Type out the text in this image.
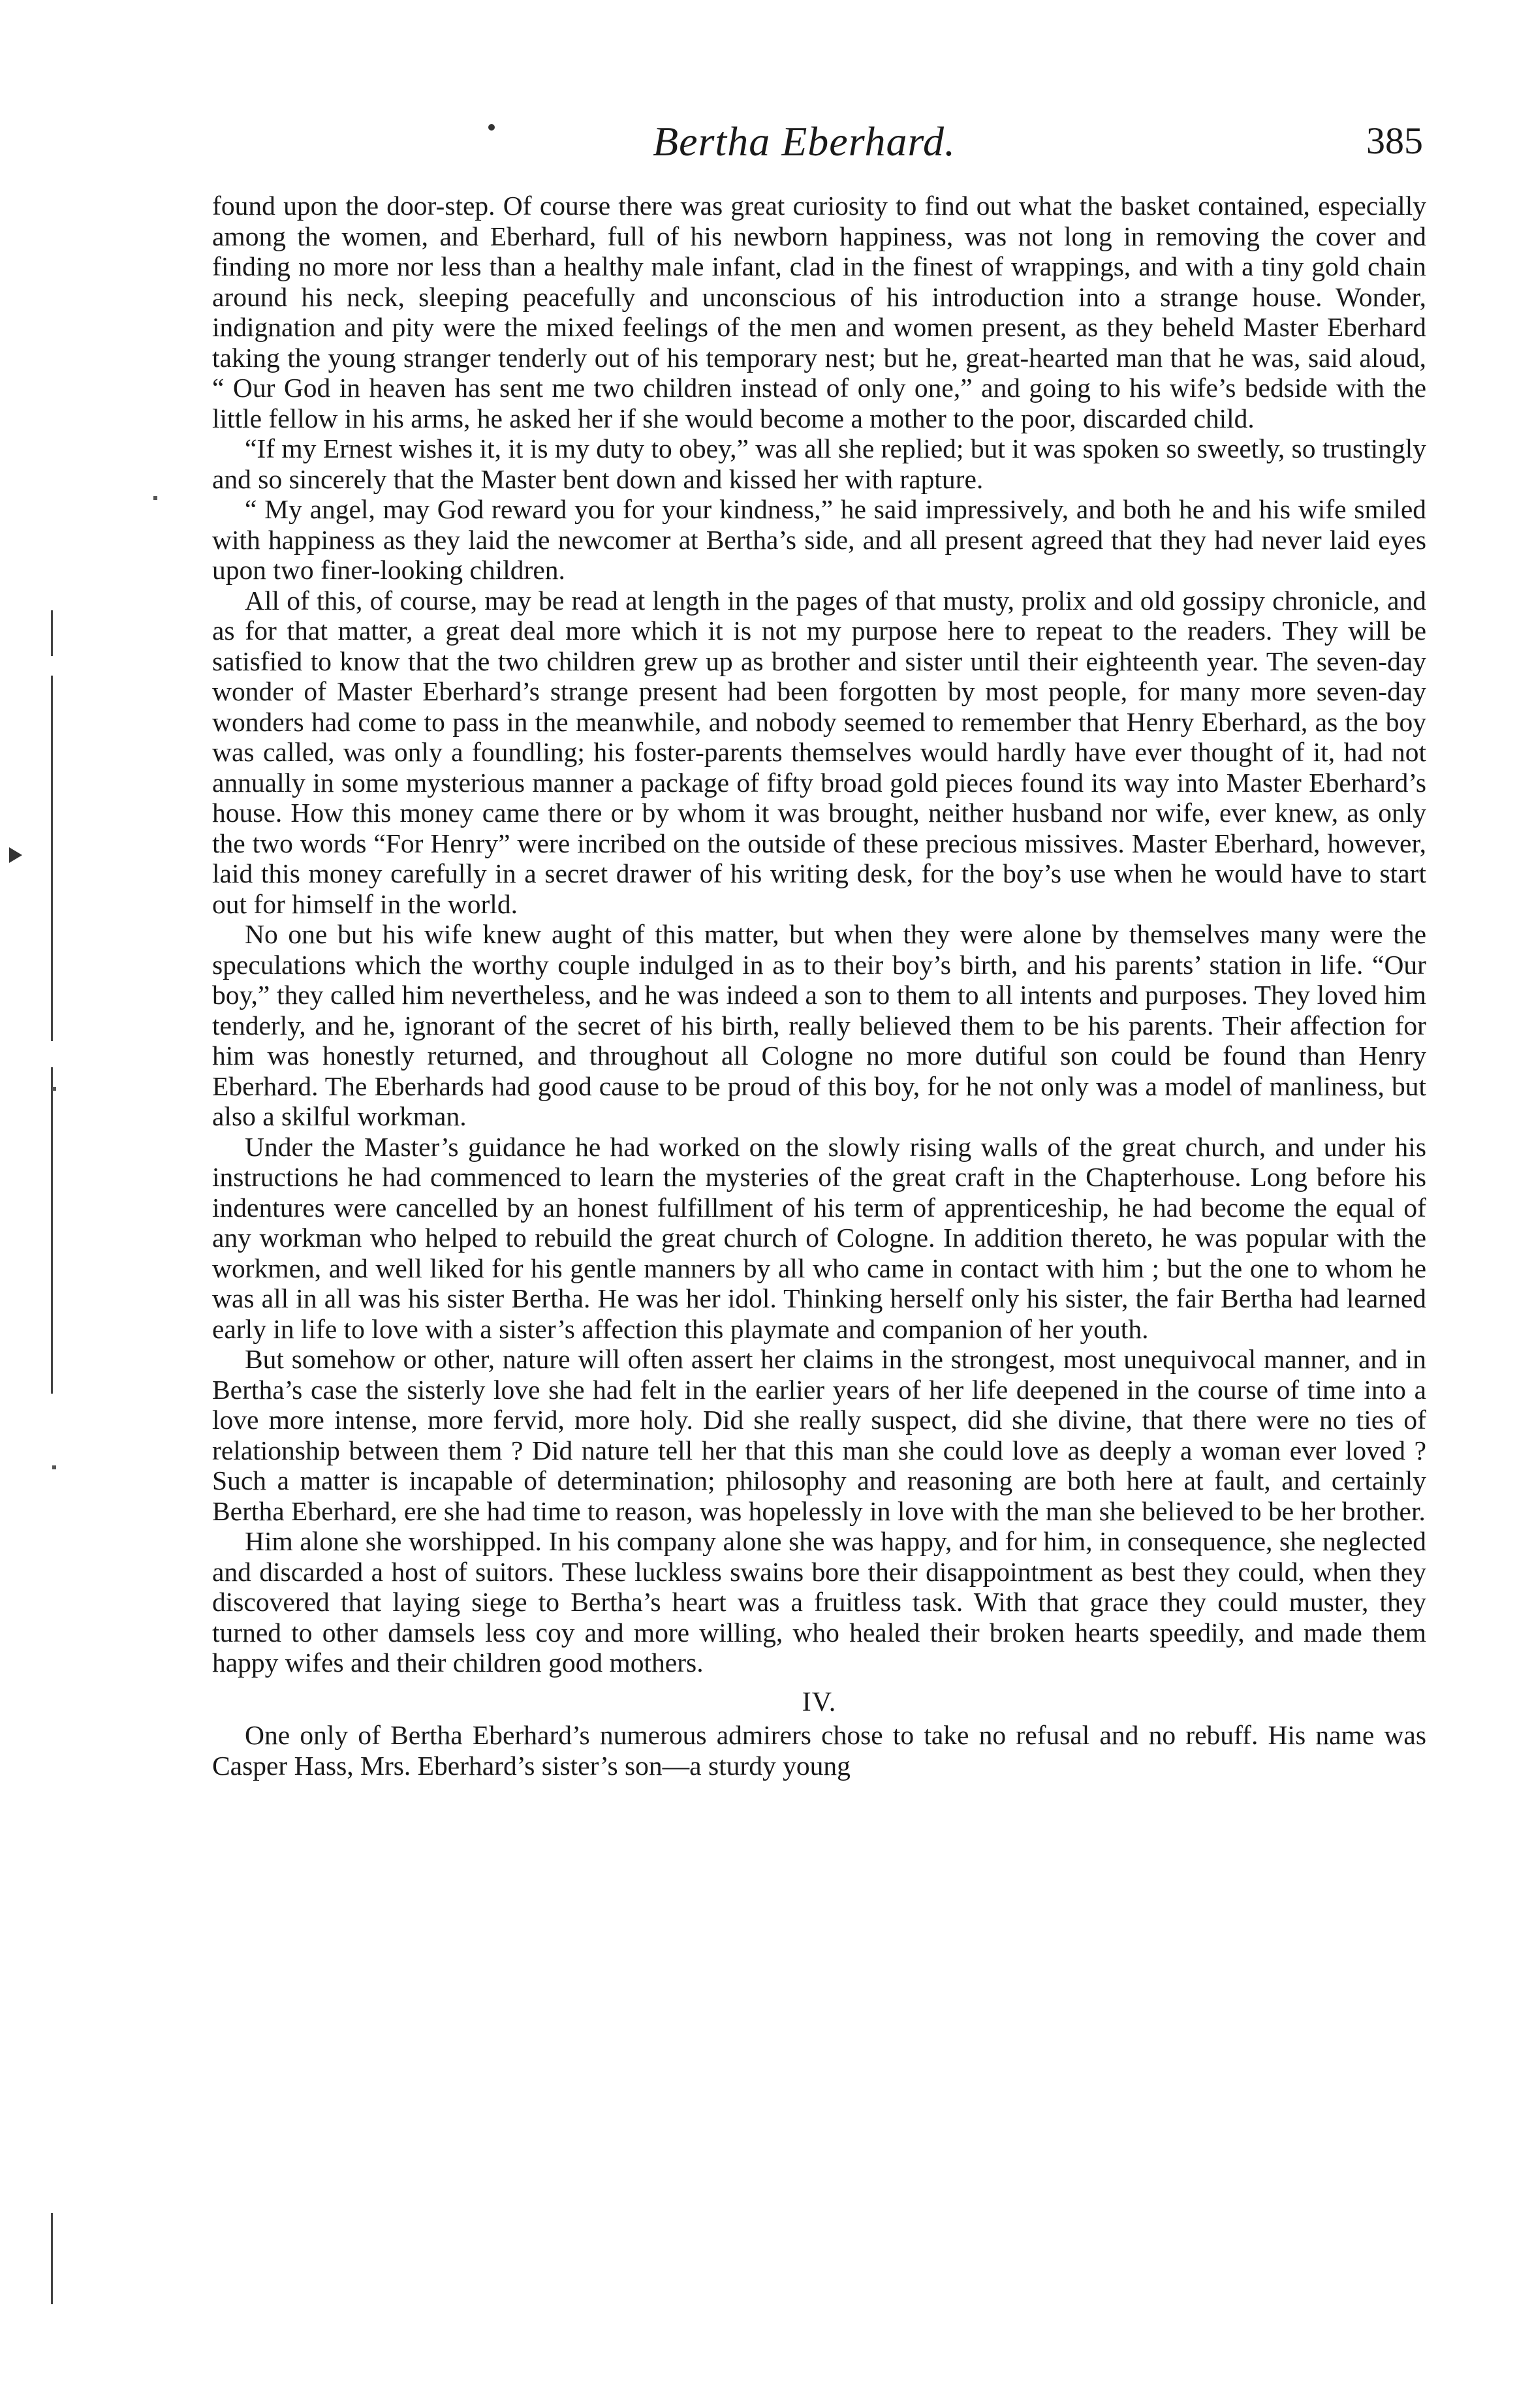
Bertha Eberhard.	385

found upon the door-step. Of course there was great curiosity to find out what the basket contained, especially among the women, and Eberhard, full of his newborn happiness, was not long in removing the cover and finding no more nor less than a healthy male infant, clad in the finest of wrappings, and with a tiny gold chain around his neck, sleeping peacefully and unconscious of his introduction into a strange house. Wonder, indignation and pity were the mixed feelings of the men and women present, as they beheld Master Eberhard taking the young stranger tenderly out of his temporary nest; but he, great-hearted man that he was, said aloud, “ Our God in heaven has sent me two children instead of only one,” and going to his wife’s bedside with the little fellow in his arms, he asked her if she would become a mother to the poor, discarded child.

“If my Ernest wishes it, it is my duty to obey,” was all she replied; but it was spoken so sweetly, so trustingly and so sincerely that the Master bent down and kissed her with rapture.

“ My angel, may God reward you for your kindness,” he said impressively, and both he and his wife smiled with happiness as they laid the newcomer at Bertha’s side, and all present agreed that they had never laid eyes upon two finer-looking children.

All of this, of course, may be read at length in the pages of that musty, prolix and old gossipy chronicle, and as for that matter, a great deal more which it is not my purpose here to repeat to the readers. They will be satisfied to know that the two children grew up as brother and sister until their eighteenth year. The seven-day wonder of Master Eberhard’s strange present had been forgotten by most people, for many more seven-day wonders had come to pass in the meanwhile, and nobody seemed to remember that Henry Eberhard, as the boy was called, was only a foundling; his foster-parents themselves would hardly have ever thought of it, had not annually in some mysterious manner a package of fifty broad gold pieces found its way into Master Eberhard’s house. How this money came there or by whom it was brought, neither husband nor wife, ever knew, as only the two words “For Henry” were incribed on the outside of these precious missives. Master Eberhard, however, laid this money carefully in a secret drawer of his writing desk, for the boy’s use when he would have to start out for himself in the world.

No one but his wife knew aught of this matter, but when they were alone by themselves many were the speculations which the worthy couple indulged in as to their boy’s birth, and his parents’ station in life. “Our boy,” they called him nevertheless, and he was indeed a son to them to all intents and purposes. They loved him tenderly, and he, ignorant of the secret of his birth, really believed them to be his parents. Their affection for him was honestly returned, and throughout all Cologne no more dutiful son could be found than Henry Eberhard. The Eberhards had good cause to be proud of this boy, for he not only was a model of manliness, but also a skilful workman.

Under the Master’s guidance he had worked on the slowly rising walls of the great church, and under his instructions he had commenced to learn the mysteries of the great craft in the Chapterhouse. Long before his indentures were cancelled by an honest fulfillment of his term of apprenticeship, he had become the equal of any workman who helped to rebuild the great church of Cologne. In addition thereto, he was popular with the workmen, and well liked for his gentle manners by all who came in contact with him ; but the one to whom he was all in all was his sister Bertha. He was her idol. Thinking herself only his sister, the fair Bertha had learned early in life to love with a sister’s affection this playmate and companion of her youth.

But somehow or other, nature will often assert her claims in the strongest, most unequivocal manner, and in Bertha’s case the sisterly love she had felt in the earlier years of her life deepened in the course of time into a love more intense, more fervid, more holy. Did she really suspect, did she divine, that there were no ties of relationship between them ? Did nature tell her that this man she could love as deeply a woman ever loved ? Such a matter is incapable of determination; philosophy and reasoning are both here at fault, and certainly Bertha Eberhard, ere she had time to reason, was hopelessly in love with the man she believed to be her brother.

Him alone she worshipped. In his company alone she was happy, and for him, in consequence, she neglected and discarded a host of suitors. These luckless swains bore their disappointment as best they could, when they discovered that laying siege to Bertha’s heart was a fruitless task. With that grace they could muster, they turned to other damsels less coy and more willing, who healed their broken hearts speedily, and made them happy wifes and their children good mothers.

IV.

One only of Bertha Eberhard’s numerous admirers chose to take no refusal and no rebuff. His name was Casper Hass, Mrs. Eberhard’s sister’s son—a sturdy young
